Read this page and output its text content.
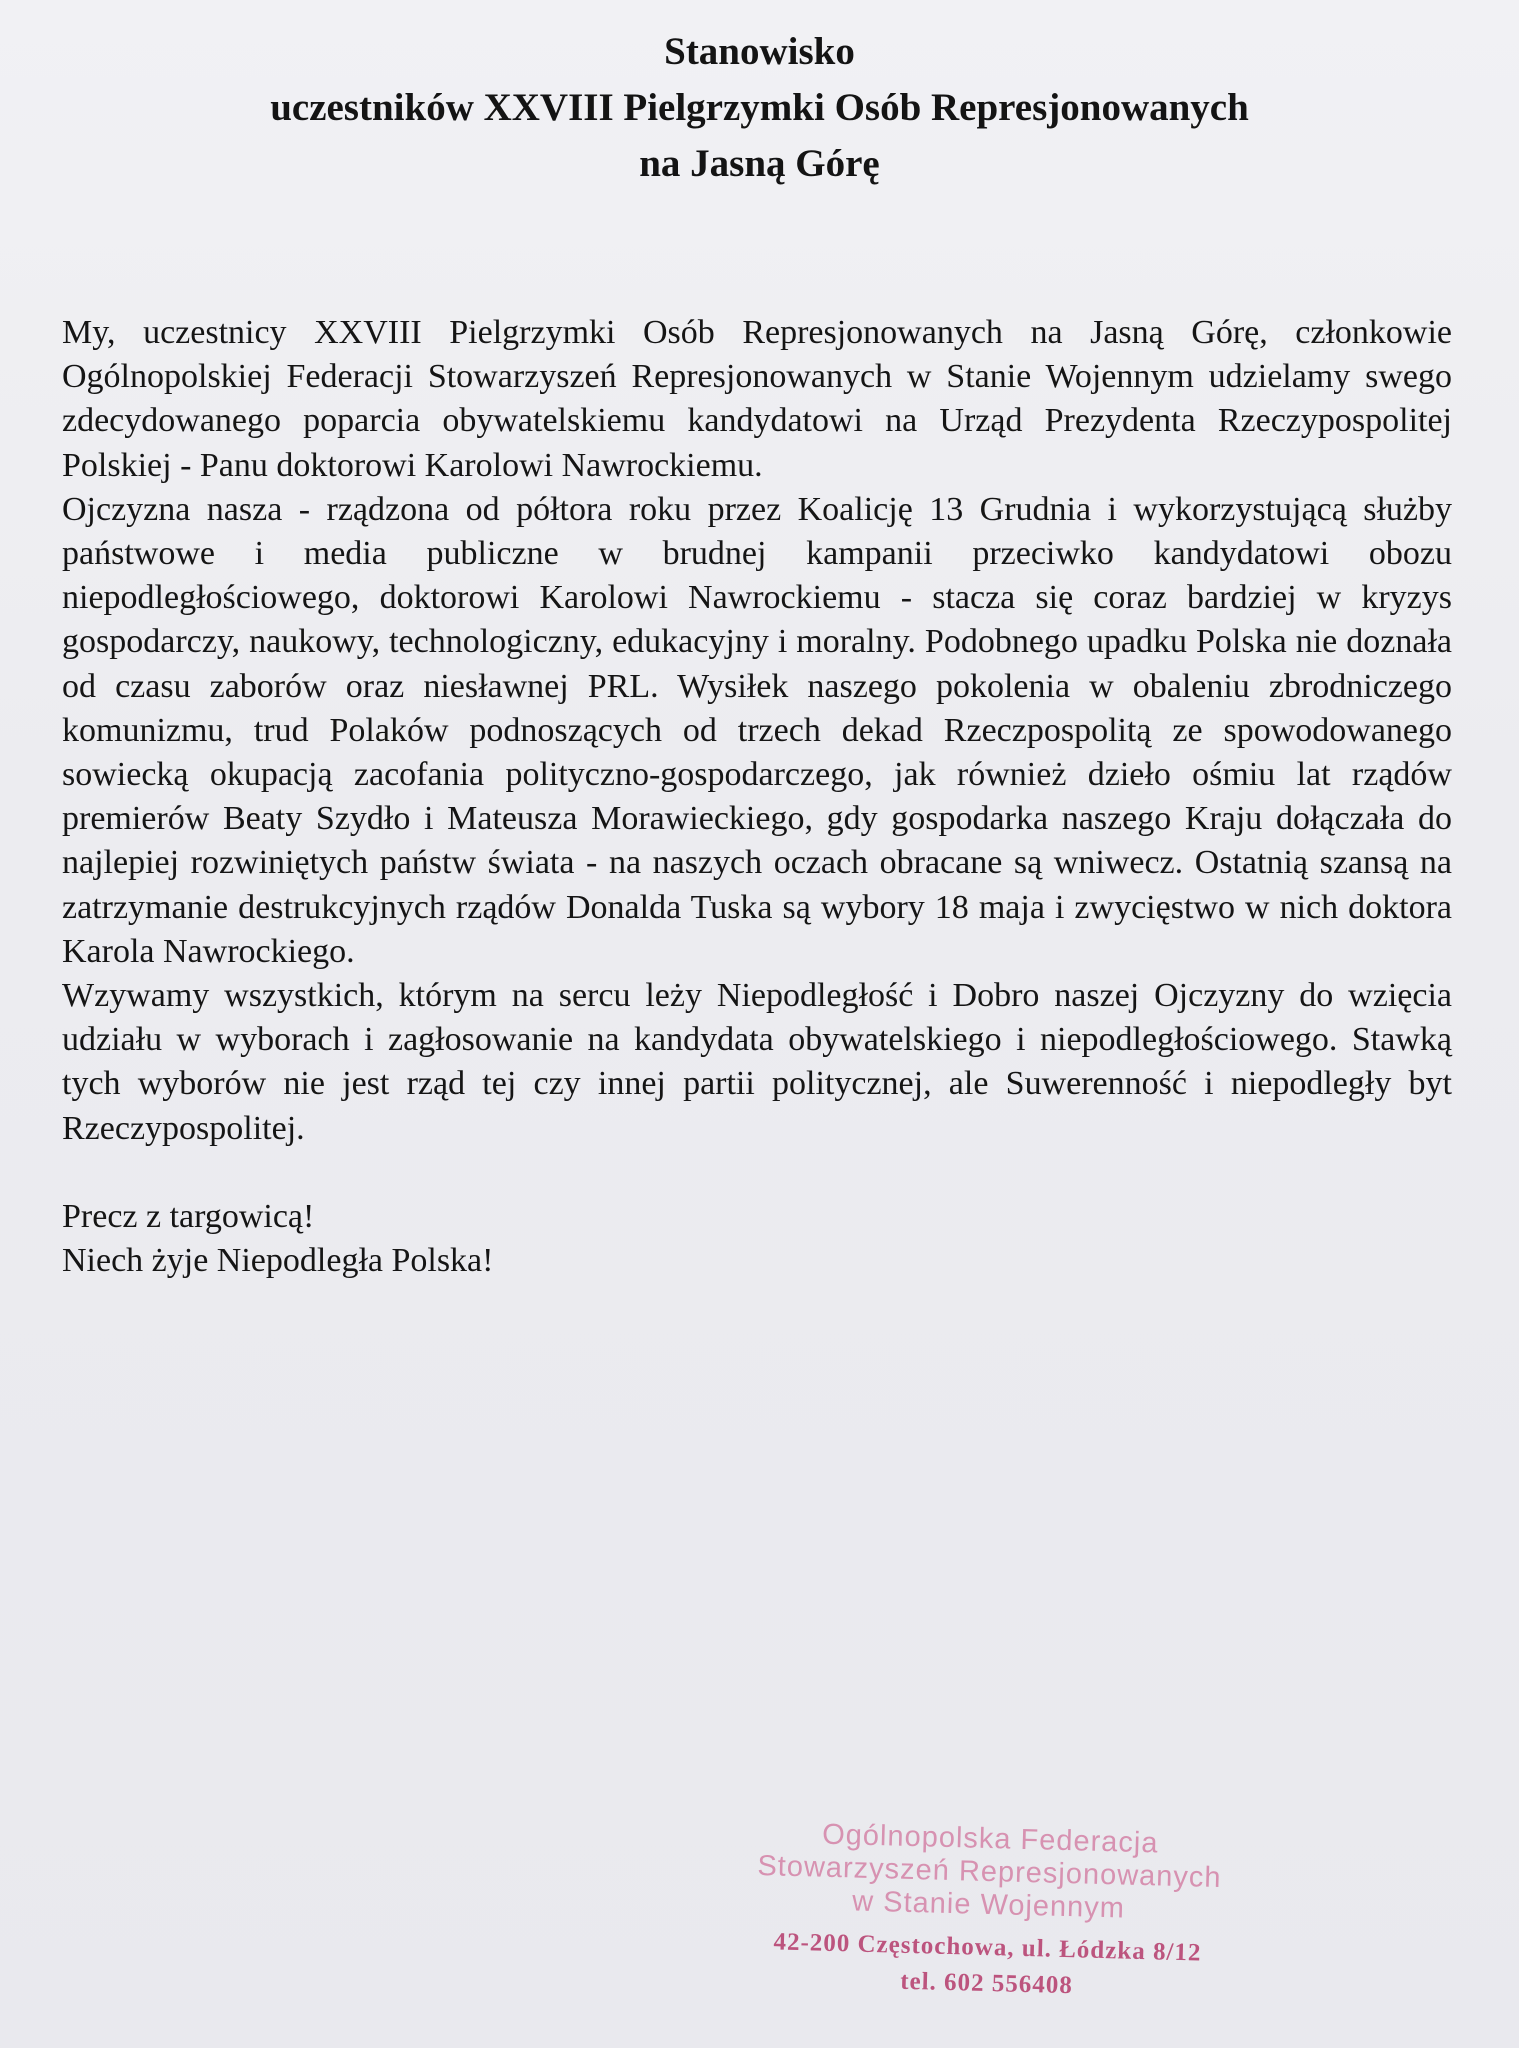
Stanowisko
uczestników XXVIII Pielgrzymki Osób Represjonowanych
na Jasną Górę

My, uczestnicy XXVIII Pielgrzymki Osób Represjonowanych na Jasną Górę, członkowie Ogólnopolskiej Federacji Stowarzyszeń Represjonowanych w Stanie Wojennym udzielamy swego zdecydowanego poparcia obywatelskiemu kandydatowi na Urząd Prezydenta Rzeczypospolitej Polskiej - Panu doktorowi Karolowi Nawrockiemu.

Ojczyzna nasza - rządzona od półtora roku przez Koalicję 13 Grudnia i wykorzystującą służby państwowe i media publiczne w brudnej kampanii przeciwko kandydatowi obozu niepodległościowego, doktorowi Karolowi Nawrockiemu - stacza się coraz bardziej w kryzys gospodarczy, naukowy, technologiczny, edukacyjny i moralny. Podobnego upadku Polska nie doznała od czasu zaborów oraz niesławnej PRL. Wysiłek naszego pokolenia w obaleniu zbrodniczego komunizmu, trud Polaków podnoszących od trzech dekad Rzeczpospolitą ze spowodowanego sowiecką okupacją zacofania polityczno-gospodarczego, jak również dzieło ośmiu lat rządów premierów Beaty Szydło i Mateusza Morawieckiego, gdy gospodarka naszego Kraju dołączała do najlepiej rozwiniętych państw świata - na naszych oczach obracane są wniwecz. Ostatnią szansą na zatrzymanie destrukcyjnych rządów Donalda Tuska są wybory 18 maja i zwycięstwo w nich doktora Karola Nawrockiego.

Wzywamy wszystkich, którym na sercu leży Niepodległość i Dobro naszej Ojczyzny do wzięcia udziału w wyborach i zagłosowanie na kandydata obywatelskiego i niepodległościowego. Stawką tych wyborów nie jest rząd tej czy innej partii politycznej, ale Suwerenność i niepodległy byt Rzeczypospolitej.

Precz z targowicą!

Niech żyje Niepodległa Polska!

Ogólnopolska Federacja
Stowarzyszeń Represjonowanych
w Stanie Wojennym
42-200 Częstochowa, ul. Łódzka 8/12
tel. 602 556408
